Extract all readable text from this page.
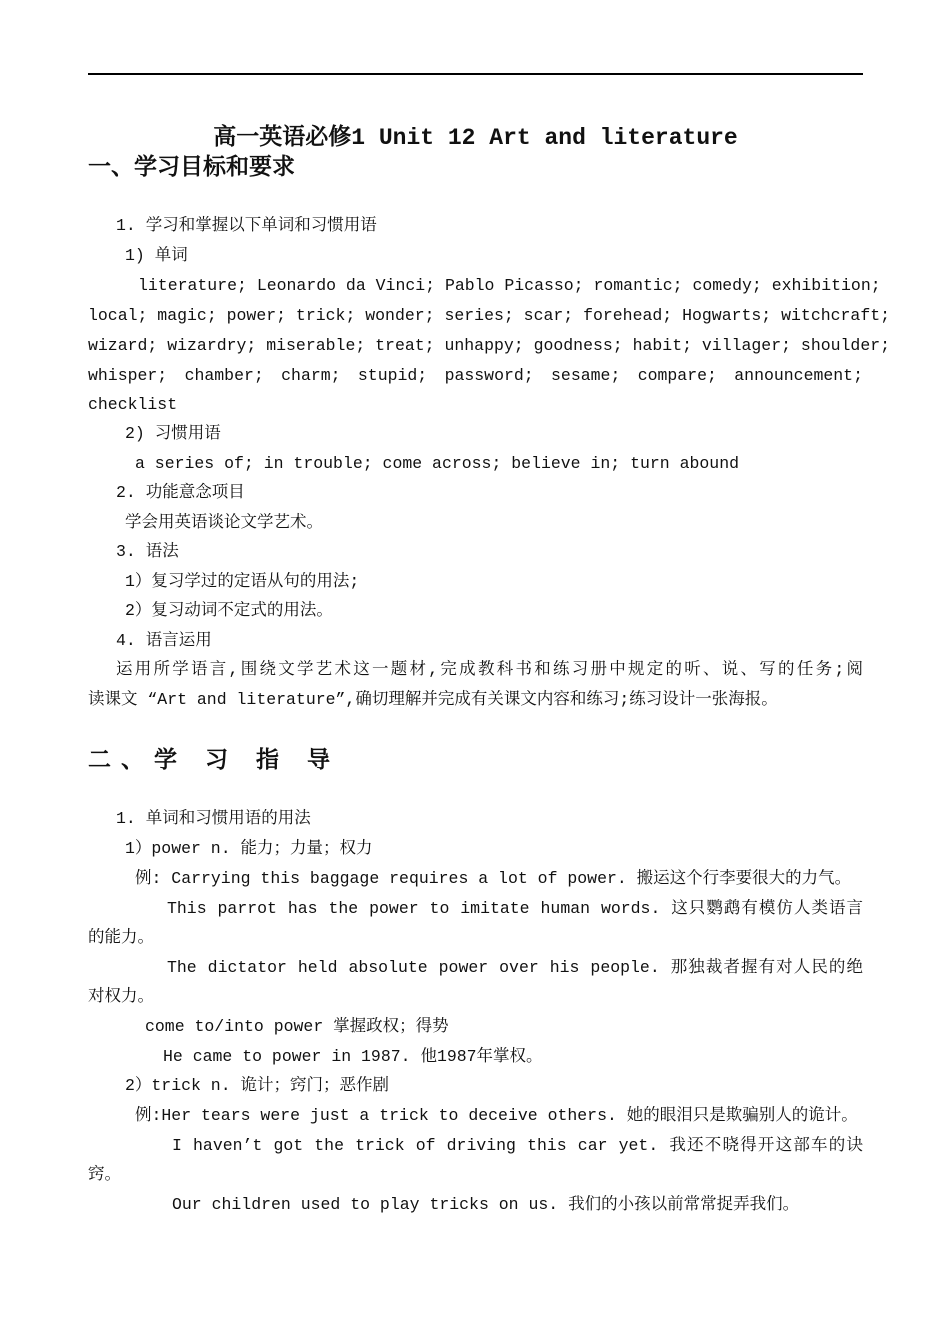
高一英语必修1 Unit 12 Art and literature
一、学习目标和要求
1. 学习和掌握以下单词和习惯用语
1) 单词
literature; Leonardo da Vinci; Pablo Picasso; romantic; comedy; exhibition;
local; magic; power; trick; wonder; series; scar; forehead; Hogwarts; witchcraft;
wizard; wizardry; miserable; treat; unhappy; goodness; habit; villager; shoulder;
whisper; chamber; charm; stupid; password; sesame; compare; announcement;
checklist
2) 习惯用语
a series of; in trouble; come across; believe in; turn abound
2. 功能意念项目
学会用英语谈论文学艺术。
3. 语法
1）复习学过的定语从句的用法;
2）复习动词不定式的用法。
4. 语言运用
运用所学语言,围绕文学艺术这一题材,完成教科书和练习册中规定的听、说、写的任务;阅
读课文 “Art and literature”,确切理解并完成有关课文内容和练习;练习设计一张海报。
二、学 习 指 导
1. 单词和习惯用语的用法
1）power n. 能力；力量；权力
例: Carrying this baggage requires a lot of power. 搬运这个行李要很大的力气。
This parrot has the power to imitate human words. 这只鹦鹉有模仿人类语言
的能力。
The dictator held absolute power over his people. 那独裁者握有对人民的绝
对权力。
come to/into power 掌握政权；得势
He came to power in 1987. 他1987年掌权。
2）trick n. 诡计；窍门；恶作剧
例:Her tears were just a trick to deceive others. 她的眼泪只是欺骗别人的诡计。
I haven’t got the trick of driving this car yet. 我还不晓得开这部车的诀
窍。
Our children used to play tricks on us. 我们的小孩以前常常捉弄我们。
